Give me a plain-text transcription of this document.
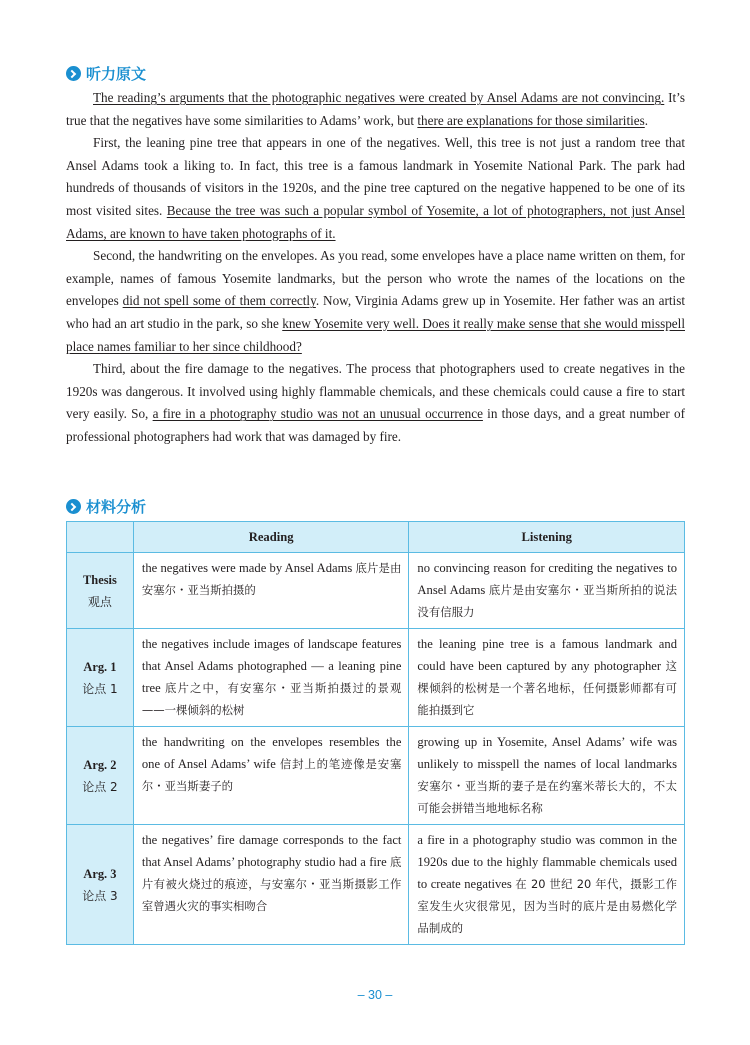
听力原文

The reading’s arguments that the photographic negatives were created by Ansel Adams are not convincing. It’s true that the negatives have some similarities to Adams’ work, but there are explanations for those similarities.

First, the leaning pine tree that appears in one of the negatives. Well, this tree is not just a random tree that Ansel Adams took a liking to. In fact, this tree is a famous landmark in Yosemite National Park. The park had hundreds of thousands of visitors in the 1920s, and the pine tree captured on the negative happened to be one of its most visited sites. Because the tree was such a popular symbol of Yosemite, a lot of photographers, not just Ansel Adams, are known to have taken photographs of it.

Second, the handwriting on the envelopes. As you read, some envelopes have a place name written on them, for example, names of famous Yosemite landmarks, but the person who wrote the names of the locations on the envelopes did not spell some of them correctly. Now, Virginia Adams grew up in Yosemite. Her father was an artist who had an art studio in the park, so she knew Yosemite very well. Does it really make sense that she would misspell place names familiar to her since childhood?

Third, about the fire damage to the negatives. The process that photographers used to create negatives in the 1920s was dangerous. It involved using highly flammable chemicals, and these chemicals could cause a fire to start very easily. So, a fire in a photography studio was not an unusual occurrence in those days, and a great number of professional photographers had work that was damaged by fire.

材料分析
	Reading	Listening

Thesis
观点	the negatives were made by Ansel Adams 底片是由安塞尔・亚当斯拍摄的	no convincing reason for crediting the negatives to Ansel Adams 底片是由安塞尔・亚当斯所拍的说法没有信服力

Arg. 1
论点 1	the negatives include images of landscape features that Ansel Adams photographed — a leaning pine tree 底片之中，有安塞尔・亚当斯拍摄过的景观——一棵倾斜的松树	the leaning pine tree is a famous landmark and could have been captured by any photographer 这棵倾斜的松树是一个著名地标，任何摄影师都有可能拍摄到它

Arg. 2
论点 2	the handwriting on the envelopes resembles the one of Ansel Adams’ wife 信封上的笔迹像是安塞尔・亚当斯妻子的	growing up in Yosemite, Ansel Adams’ wife was unlikely to misspell the names of local landmarks 安塞尔・亚当斯的妻子是在约塞米蒂长大的，不太可能会拼错当地地标名称

Arg. 3
论点 3	the negatives’ fire damage corresponds to the fact that Ansel Adams’ photography studio had a fire 底片有被火烧过的痕迹，与安塞尔・亚当斯摄影工作室曾遇火灾的事实相吻合	a fire in a photography studio was common in the 1920s due to the highly flammable chemicals used to create negatives 在 20 世纪 20 年代，摄影工作室发生火灾很常见，因为当时的底片是由易燃化学品制成的
– 30 –
